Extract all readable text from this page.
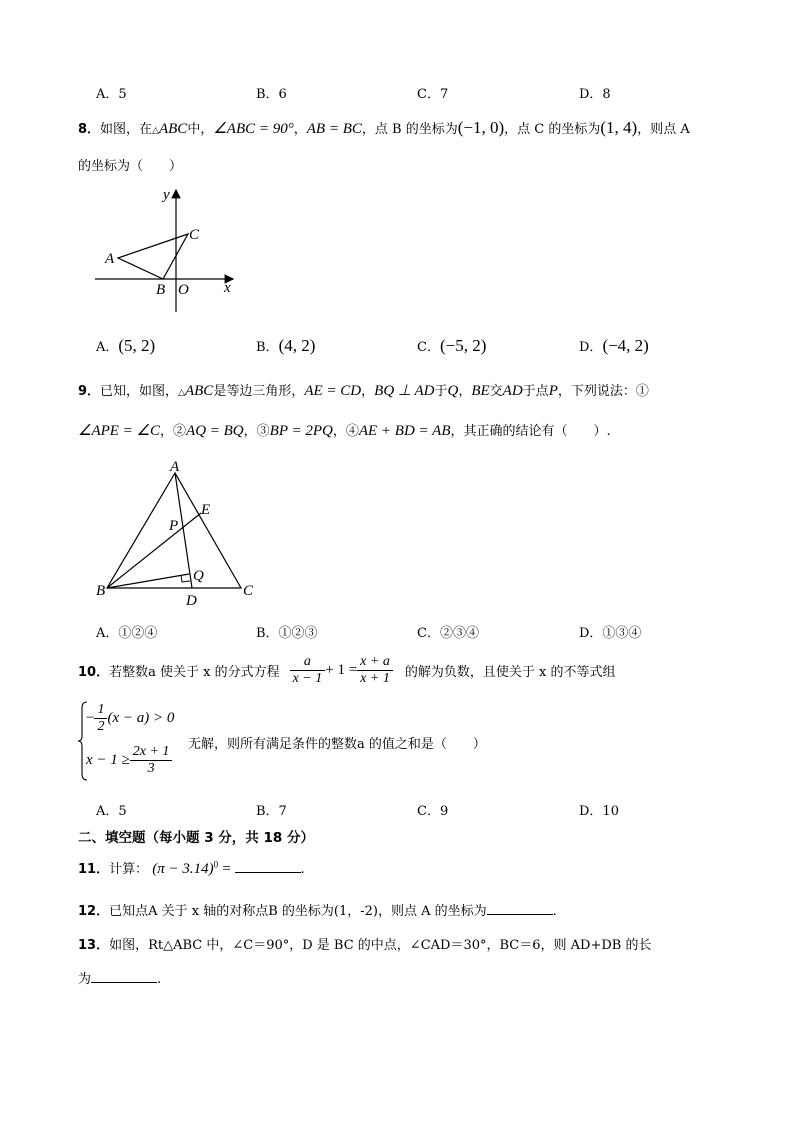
A．5	B．6	C．7	D．8
8．如图，在△ABC中，∠ABC = 90°，AB = BC，点 B 的坐标为(−1, 0)，点 C 的坐标为(1, 4)，则点 A
的坐标为（　　）
A
C
B O x
y
A．(5, 2)	B．(4, 2)	C．(−5, 2)	D．(−4, 2)
9．已知，如图，△ABC是等边三角形，AE = CD，BQ ⊥ AD于Q，BE交AD于点P，下列说法：①
∠APE = ∠C，②AQ = BQ，③BP = 2PQ，④AE + BD = AB，其正确的结论有（　　）.
A
B	C
D
E
P
Q
A．①②④	B．①②③	C．②③④	D．①③④
10． 若整数a 使关于 x 的分式方程 $\frac{a}{x - 1} + 1 = \frac{x + a}{x + 1}$ 的解为负数，且使关于 x 的不等式组
− $\frac{1}{2} (x - a) > 0$
$x - 1 \ge \frac{2x + 1}{3}$ 无解，则所有满足条件的整数a 的值之和是（　　）
A．5	B．7	C．9	D．10
二、填空题（每小题 3 分，共 18 分）
11．计算： $(\pi - 3.14)^0$ =	.
12．已知点A 关于 x 轴的对称点B 的坐标为(1，-2)，则点 A 的坐标为	.
13．如图，Rt△ABC 中，∠C＝90°，D 是 BC 的中点，∠CAD＝30°，BC＝6，则 AD+DB 的长
为	.
